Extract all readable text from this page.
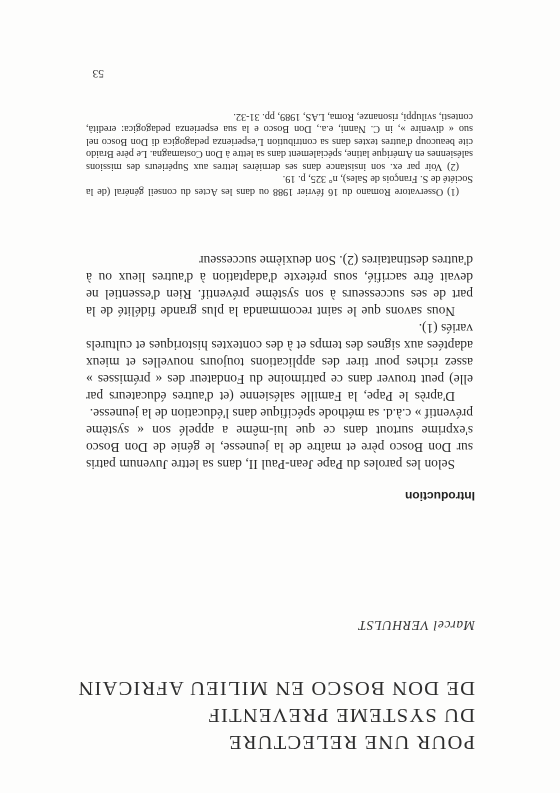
POUR UNE RELECTURE
DU SYSTEME PREVENTIF
DE DON BOSCO EN MILIEU AFRICAIN
Marcel VERHULST
Introduction

Selon les paroles du Pape Jean-Paul II, dans sa lettre Juvenum patris sur Don Bosco père et maître de la jeunesse, le génie de Don Bosco s'exprime surtout dans ce que lui-même a appelé son « système préventif » c.à.d. sa méthode spécifique dans l'éducation de la jeunesse.

D'après le Pape, la Famille salésienne (et d'autres éducateurs par elle) peut trouver dans ce patrimoine du Fondateur des « prémisses » assez riches pour tirer des applications toujours nouvelles et mieux adaptées aux signes des temps et à des contextes historiques et culturels variés (1).

Nous savons que le saint recommanda la plus grande fidélité de la part de ses successeurs à son système préventif. Rien d'essentiel ne devait être sacrifié, sous prétexte d'adaptation à d'autres lieux ou à d'autres destinataires (2). Son deuxième successeur

(1) Osservatore Romano du 16 février 1988 ou dans les Actes du conseil général (de la Société de S. François de Sales), n° 325, p. 19.

(2) Voir par ex. son insistance dans ses dernières lettres aux Supérieurs des missions salésiennes en Amérique latine, spécialement dans sa lettre à Don Costamagna. Le père Braido cite beaucoup d'autres textes dans sa contribution L'esperienza pedagogica di Don Bosco nel suo « divenire », in C. Nanni, e.a., Don Bosco e la sua esperienza pedagogica: eredità, contesti, sviluppi, risonanze, Roma, LAS, 1989, pp. 31-32.

53
